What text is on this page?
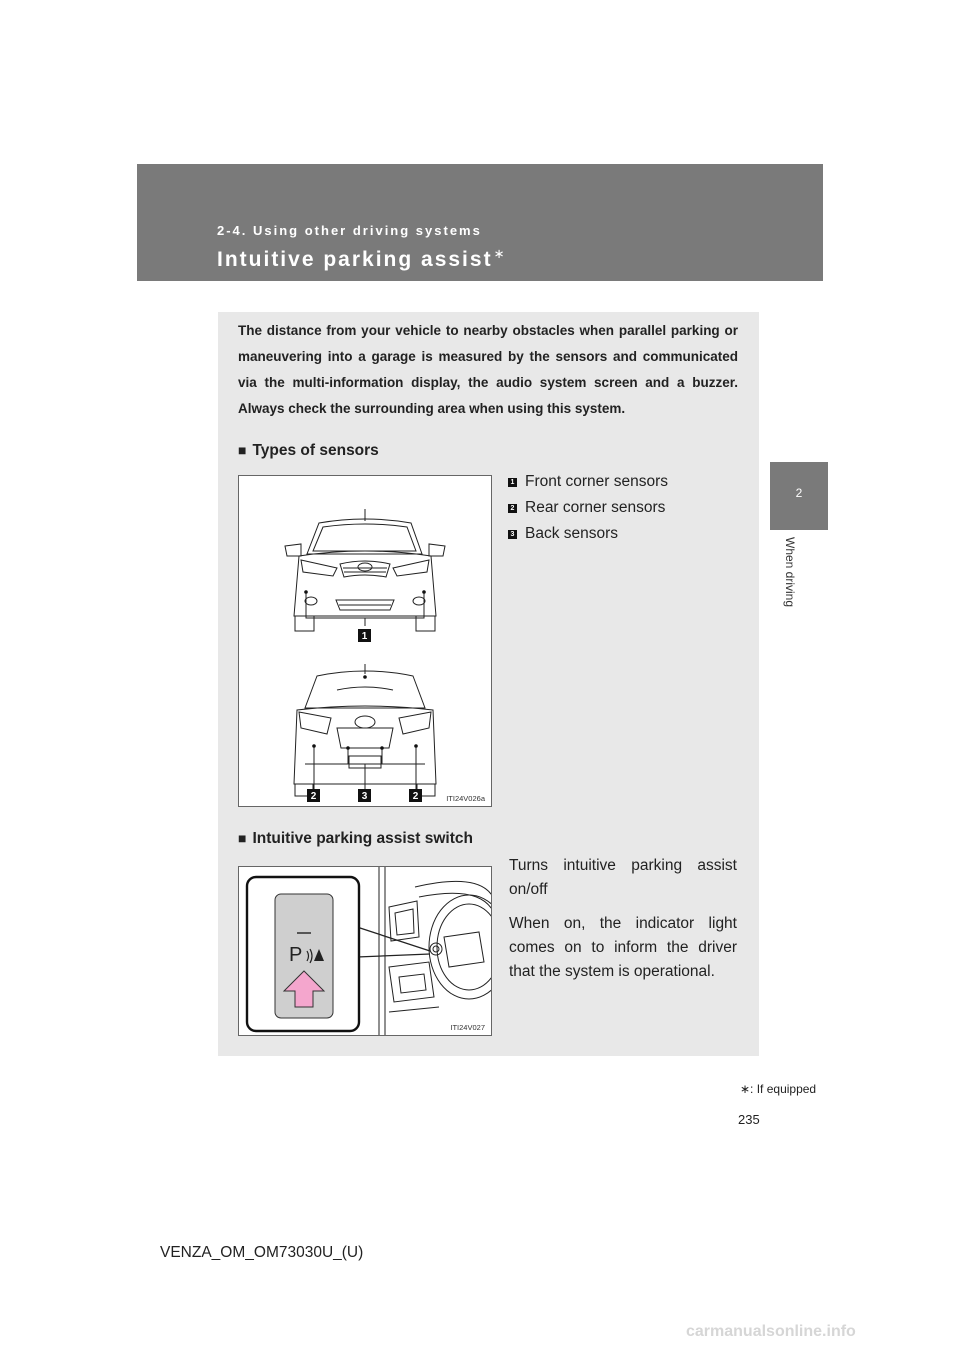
2-4. Using other driving systems
Intuitive parking assist∗
2
When driving
The distance from your vehicle to nearby obstacles when parallel parking or maneuvering into a garage is measured by the sensors and communicated via the multi-information display, the audio system screen and a buzzer. Always check the surrounding area when using this system.
■ Types of sensors
1
2	3	2	ITI24V026a
1 Front corner sensors
2 Rear corner sensors
3 Back sensors
■ Intuitive parking assist switch
P
ITI24V027

Turns intuitive parking assist on/off

When on, the indicator light comes on to inform the driver that the system is operational.

∗: If equipped
235
VENZA_OM_OM73030U_(U)
carmanualsonline.info
